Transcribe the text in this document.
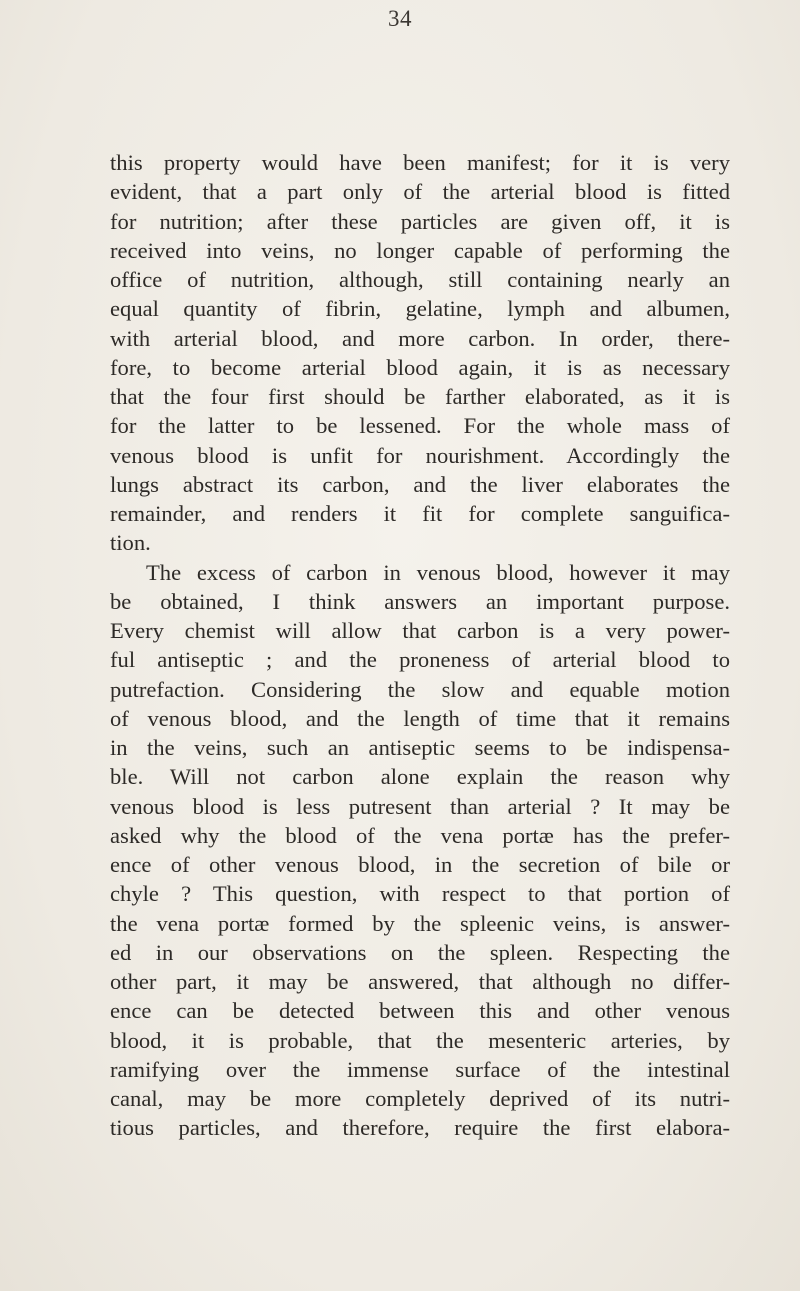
34
this property would have been manifest; for it is very
evident, that a part only of the arterial blood is fitted
for nutrition; after these particles are given off, it is
received into veins, no longer capable of performing the
office of nutrition, although, still containing nearly an
equal quantity of fibrin, gelatine, lymph and albumen,
with arterial blood, and more carbon. In order, there-
fore, to become arterial blood again, it is as necessary
that the four first should be farther elaborated, as it is
for the latter to be lessened. For the whole mass of
venous blood is unfit for nourishment. Accordingly the
lungs abstract its carbon, and the liver elaborates the
remainder, and renders it fit for complete sanguifica-
tion.
The excess of carbon in venous blood, however it may
be obtained, I think answers an important purpose.
Every chemist will allow that carbon is a very power-
ful antiseptic ; and the proneness of arterial blood to
putrefaction. Considering the slow and equable motion
of venous blood, and the length of time that it remains
in the veins, such an antiseptic seems to be indispensa-
ble. Will not carbon alone explain the reason why
venous blood is less putresent than arterial ? It may be
asked why the blood of the vena portæ has the prefer-
ence of other venous blood, in the secretion of bile or
chyle ? This question, with respect to that portion of
the vena portæ formed by the spleenic veins, is answer-
ed in our observations on the spleen. Respecting the
other part, it may be answered, that although no differ-
ence can be detected between this and other venous
blood, it is probable, that the mesenteric arteries, by
ramifying over the immense surface of the intestinal
canal, may be more completely deprived of its nutri-
tious particles, and therefore, require the first elabora-
